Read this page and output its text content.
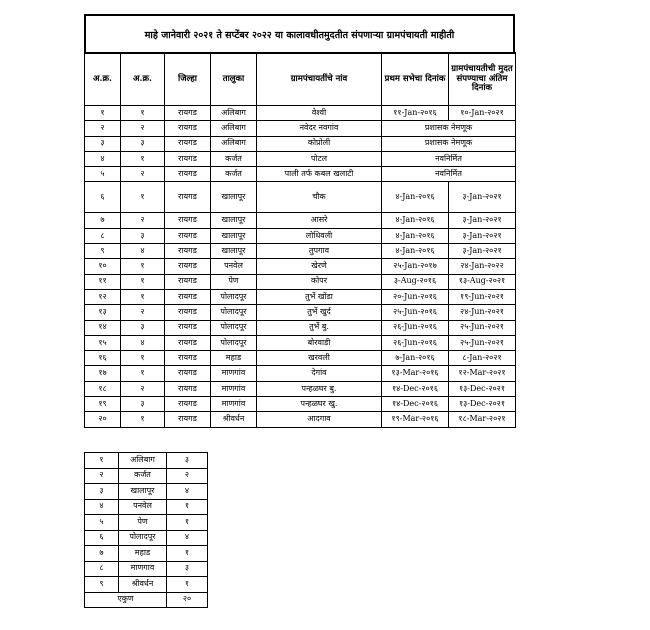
माहे जानेवारी २०२१ ते सप्टेंबर २०२२ या कालावधीतमुदतीत संपणाऱ्या ग्रामपंचायती माहीती
अ.क्र.	अ.क्र.	जिल्हा	तालुका	ग्रामपंचायतींचे नांव	प्रथम सभेचा दिनांक	ग्रामपंचायतीची मुदत संपण्याचा अंतिम दिनांक
१	१	रायगड	अलिबाग	वेश्वी	११-Jan-२०१६	१०-Jan-२०२१
२	२	रायगड	अलिबाग	नवेदर नवगांव	प्रशासक नेमणूक	
३	३	रायगड	अलिबाग	कोप्रोली	प्रशासक नेमणूक	
४	१	रायगड	कर्जत	पोटल	नवनिर्मित	
५	२	रायगड	कर्जत	पाली तर्फ कबल खलाटी	नवनिर्मित	
६	१	रायगड	खालापूर	चौक	४-Jan-२०१६	३-Jan-२०२१
७	२	रायगड	खालापूर	आसरे	४-Jan-२०१६	३-Jan-२०२१
८	३	रायगड	खालापूर	लोधिवली	४-Jan-२०१६	३-Jan-२०२१
९	४	रायगड	खालापूर	तुपगाव	४-Jan-२०१६	३-Jan-२०२१
१०	१	रायगड	पनवेल	खेरणे	२५-Jan-२०१७	२४-Jan-२०२२
११	१	रायगड	पेण	कोपर	३-Aug-२०१६	१३-Aug-२०२१
१२	१	रायगड	पोलादपूर	तुर्भे खोंडा	२०-Jun-२०१६	१९-Jun-२०२१
१३	२	रायगड	पोलादपूर	तुर्भे खुर्द	२५-Jun-२०१६	२४-Jun-२०२१
१४	३	रायगड	पोलादपूर	तुर्भे बु.	२६-Jun-२०१६	२५-Jun-२०२१
१५	४	रायगड	पोलादपूर	बोरवाडी	२६-Jun-२०१६	२५-Jun-२०२१
१६	१	रायगड	महाड	खरवली	७-Jan-२०१६	८-Jan-२०२१
१७	१	रायगड	माणगांव	देगांव	१३-Mar-२०१६	१२-Mar-२०२१
१८	२	रायगड	माणगांव	पन्हळघर बु.	१४-Dec-२०१६	१३-Dec-२०२१
१९	३	रायगड	माणगांव	पन्हळघर खु.	१४-Dec-२०१६	१३-Dec-२०२१
२०	१	रायगड	श्रीवर्धन	आदगाव	१९-Mar-२०१६	१८-Mar-२०२१
१	अलिबाग	३
२	कर्जत	२
३	खालापूर	४
४	पनवेल	१
५	पेण	१
६	पोलादपूर	४
७	महाड	१
८	माणगाव	३
९	श्रीवर्धन	१
एकुण		२०
